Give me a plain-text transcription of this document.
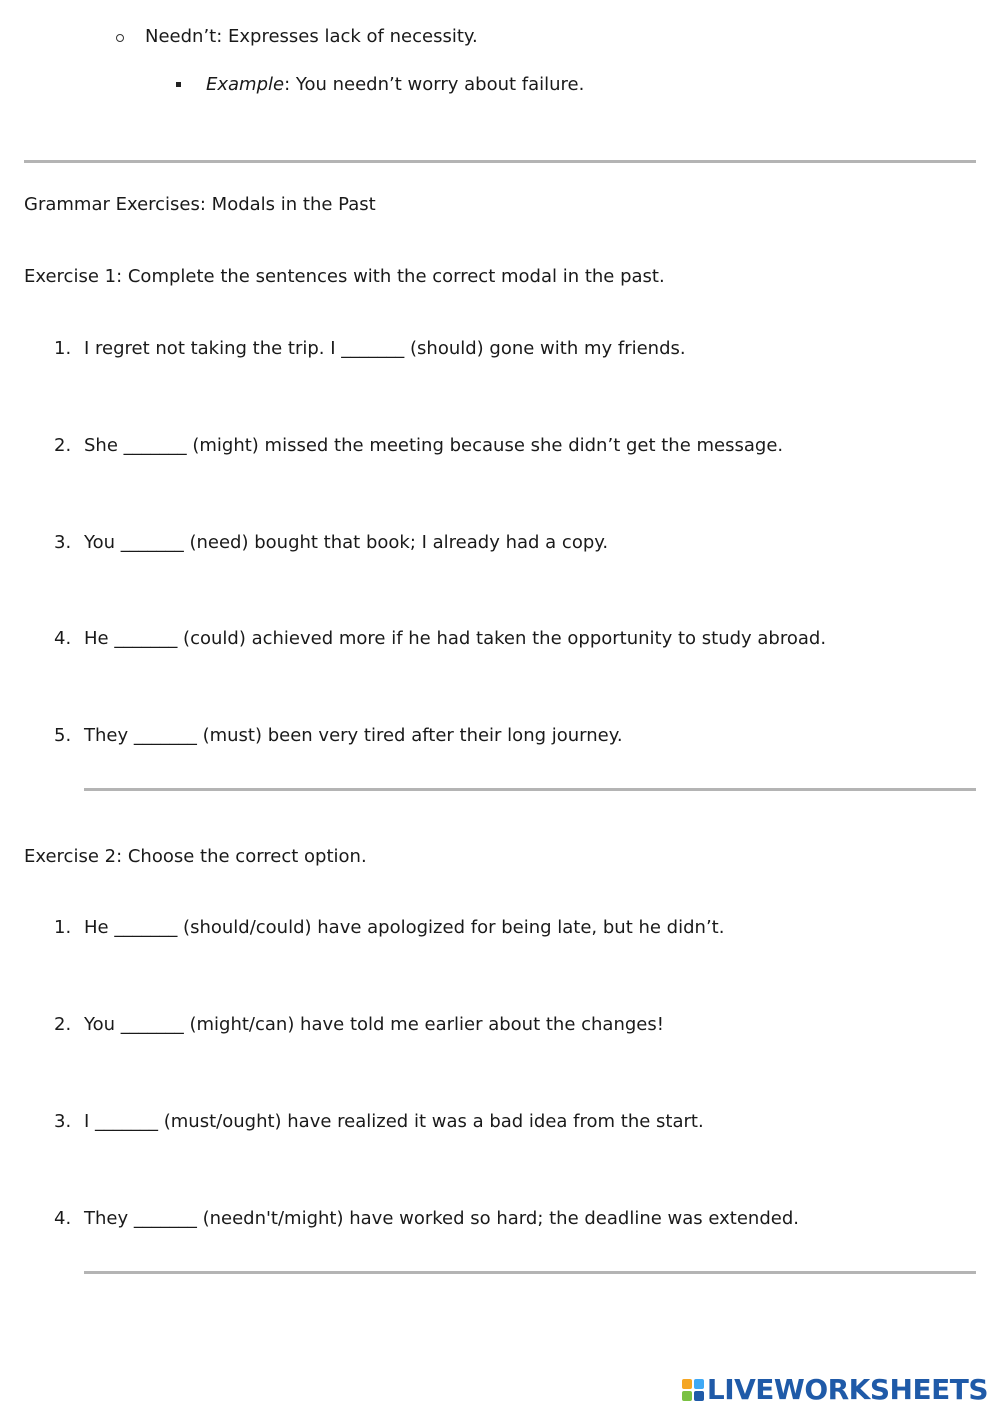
Needn’t: Expresses lack of necessity.
Example: You needn’t worry about failure.
Grammar Exercises: Modals in the Past
Exercise 1: Complete the sentences with the correct modal in the past.
1. I regret not taking the trip. I _______ (should) gone with my friends.
2. She _______ (might) missed the meeting because she didn’t get the message.
3. You _______ (need) bought that book; I already had a copy.
4. He _______ (could) achieved more if he had taken the opportunity to study abroad.
5. They _______ (must) been very tired after their long journey.
Exercise 2: Choose the correct option.
1. He _______ (should/could) have apologized for being late, but he didn’t.
2. You _______ (might/can) have told me earlier about the changes!
3. I _______ (must/ought) have realized it was a bad idea from the start.
4. They _______ (needn't/might) have worked so hard; the deadline was extended.
LIVEWORKSHEETS
